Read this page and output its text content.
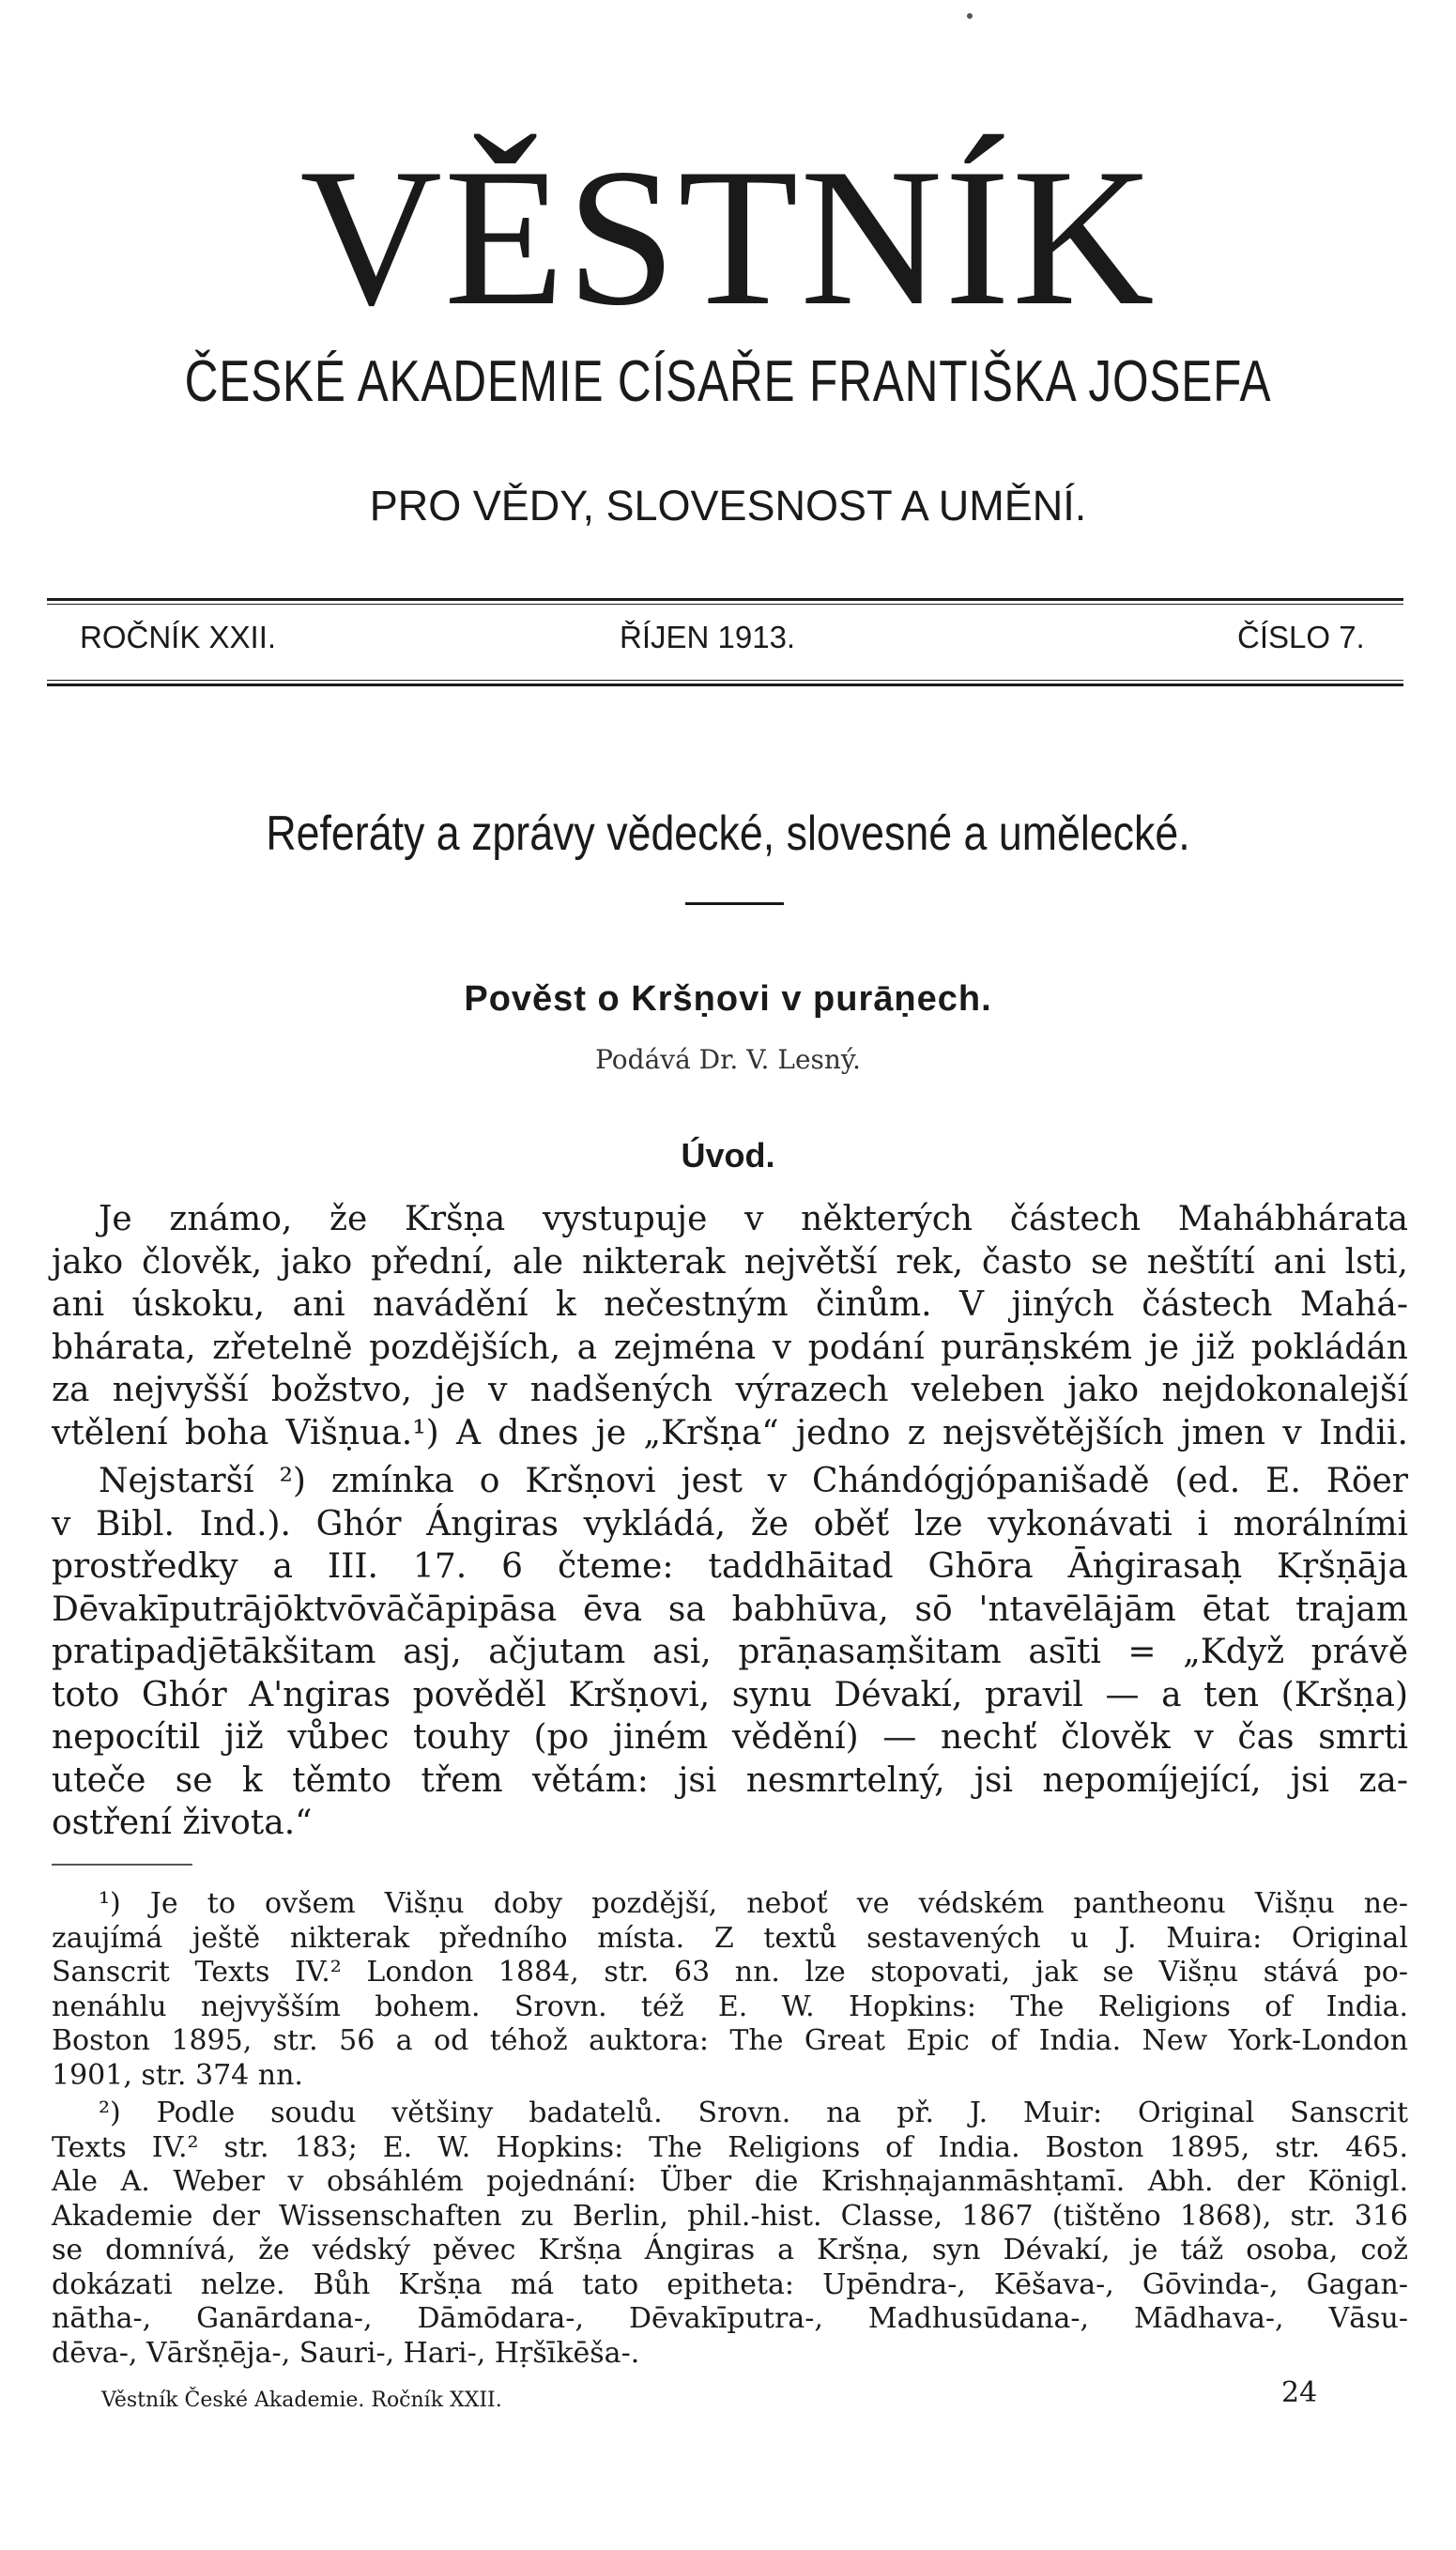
VĚSTNÍK
ČESKÉ AKADEMIE CÍSAŘE FRANTIŠKA JOSEFA
PRO VĚDY, SLOVESNOST A UMĚNÍ.
ROČNÍK XXII.	ŘÍJEN 1913.	ČÍSLO 7.
Referáty a zprávy vědecké, slovesné a umělecké.
Pověst o Kršṇovi v purāṇech.
Podává Dr. V. Lesný.
Úvod.
Je známo, že Kršṇa vystupuje v některých částech Mahábhárata
jako člověk, jako přední, ale nikterak největší rek, často se neštítí ani lsti,
ani úskoku, ani navádění k nečestným činům. V jiných částech Mahá-
bhárata, zřetelně pozdějších, a zejména v podání purāṇském je již pokládán
za nejvyšší božstvo, je v nadšených výrazech veleben jako nejdokonalejší
vtělení boha Višṇua.¹) A dnes je „Kršṇa“ jedno z nejsvětějších jmen v Indii.
Nejstarší ²) zmínka o Kršṇovi jest v Chándógjópanišadě (ed. E. Röer
v Bibl. Ind.). Ghór Ángiras vykládá, že oběť lze vykonávati i morálními
prostředky a III. 17. 6 čteme: taddhāitad Ghōra Āṅgirasaḥ Kṛšṇāja
Dēvakīputrājōktvōvāčāpipāsa ēva sa babhūva, sō 'ntavēlājām ētat trajam
pratipadjētākšitam asj, ačjutam asi, prāṇasaṃšitam asīti = „Když právě
toto Ghór A'ngiras pověděl Kršṇovi, synu Dévakí, pravil — a ten (Kršṇa)
nepocítil již vůbec touhy (po jiném vědění) — nechť člověk v čas smrti
uteče se k těmto třem větám: jsi nesmrtelný, jsi nepomíjející, jsi za-
ostření života.“
¹) Je to ovšem Višṇu doby pozdější, neboť ve védském pantheonu Višṇu ne-
zaujímá ještě nikterak předního místa. Z textů sestavených u J. Muira: Original
Sanscrit Texts IV.² London 1884, str. 63 nn. lze stopovati, jak se Višṇu stává po-
nenáhlu nejvyšším bohem. Srovn. též E. W. Hopkins: The Religions of India.
Boston 1895, str. 56 a od téhož auktora: The Great Epic of India. New York-London
1901, str. 374 nn.
²) Podle soudu většiny badatelů. Srovn. na př. J. Muir: Original Sanscrit
Texts IV.² str. 183; E. W. Hopkins: The Religions of India. Boston 1895, str. 465.
Ale A. Weber v obsáhlém pojednání: Über die Krishṇajanmāshṭamī. Abh. der Königl.
Akademie der Wissenschaften zu Berlin, phil.-hist. Classe, 1867 (tištěno 1868), str. 316
se domnívá, že védský pěvec Kršṇa Ángiras a Kršṇa, syn Dévakí, je táž osoba, což
dokázati nelze. Bůh Kršṇa má tato epitheta: Upēndra-, Kēšava-, Gōvinda-, Gagan-
nātha-, Ganārdana-, Dāmōdara-, Dēvakīputra-, Madhusūdana-, Mādhava-, Vāsu-
dēva-, Vāršṇēja-, Sauri-, Hari-, Hṛšīkēša-.
Věstník České Akademie. Ročník XXII.	24
